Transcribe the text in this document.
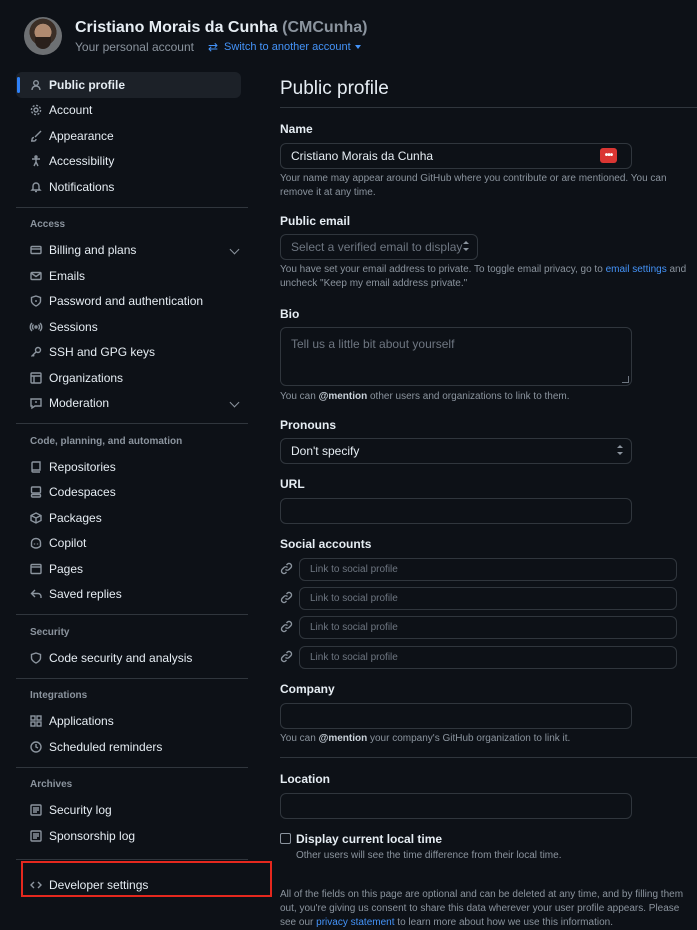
Cristiano Morais da Cunha (CMCunha)
Your personal account ⇄ Switch to another account
Public profile
Account
Appearance
Accessibility
Notifications
Access
Billing and plans
Emails
Password and authentication
Sessions
SSH and GPG keys
Organizations
Moderation
Code, planning, and automation
Repositories
Codespaces
Packages
Copilot
Pages
Saved replies
Security
Code security and analysis
Integrations
Applications
Scheduled reminders
Archives
Security log
Sponsorship log
Developer settings
Public profile
Name
Cristiano Morais da Cunha	•••
Your name may appear around GitHub where you contribute or are mentioned. You can remove it at any time.
Public email
Select a verified email to display
You have set your email address to private. To toggle email privacy, go to email settings and uncheck "Keep my email address private."
Bio
Tell us a little bit about yourself
You can @mention other users and organizations to link to them.
Pronouns
Don't specify
URL
Social accounts
Link to social profile
Link to social profile
Link to social profile
Link to social profile
Company
You can @mention your company's GitHub organization to link it.
Location
Display current local time
Other users will see the time difference from their local time.
All of the fields on this page are optional and can be deleted at any time, and by filling them out, you're giving us consent to share this data wherever your user profile appears. Please see our privacy statement to learn more about how we use this information.
